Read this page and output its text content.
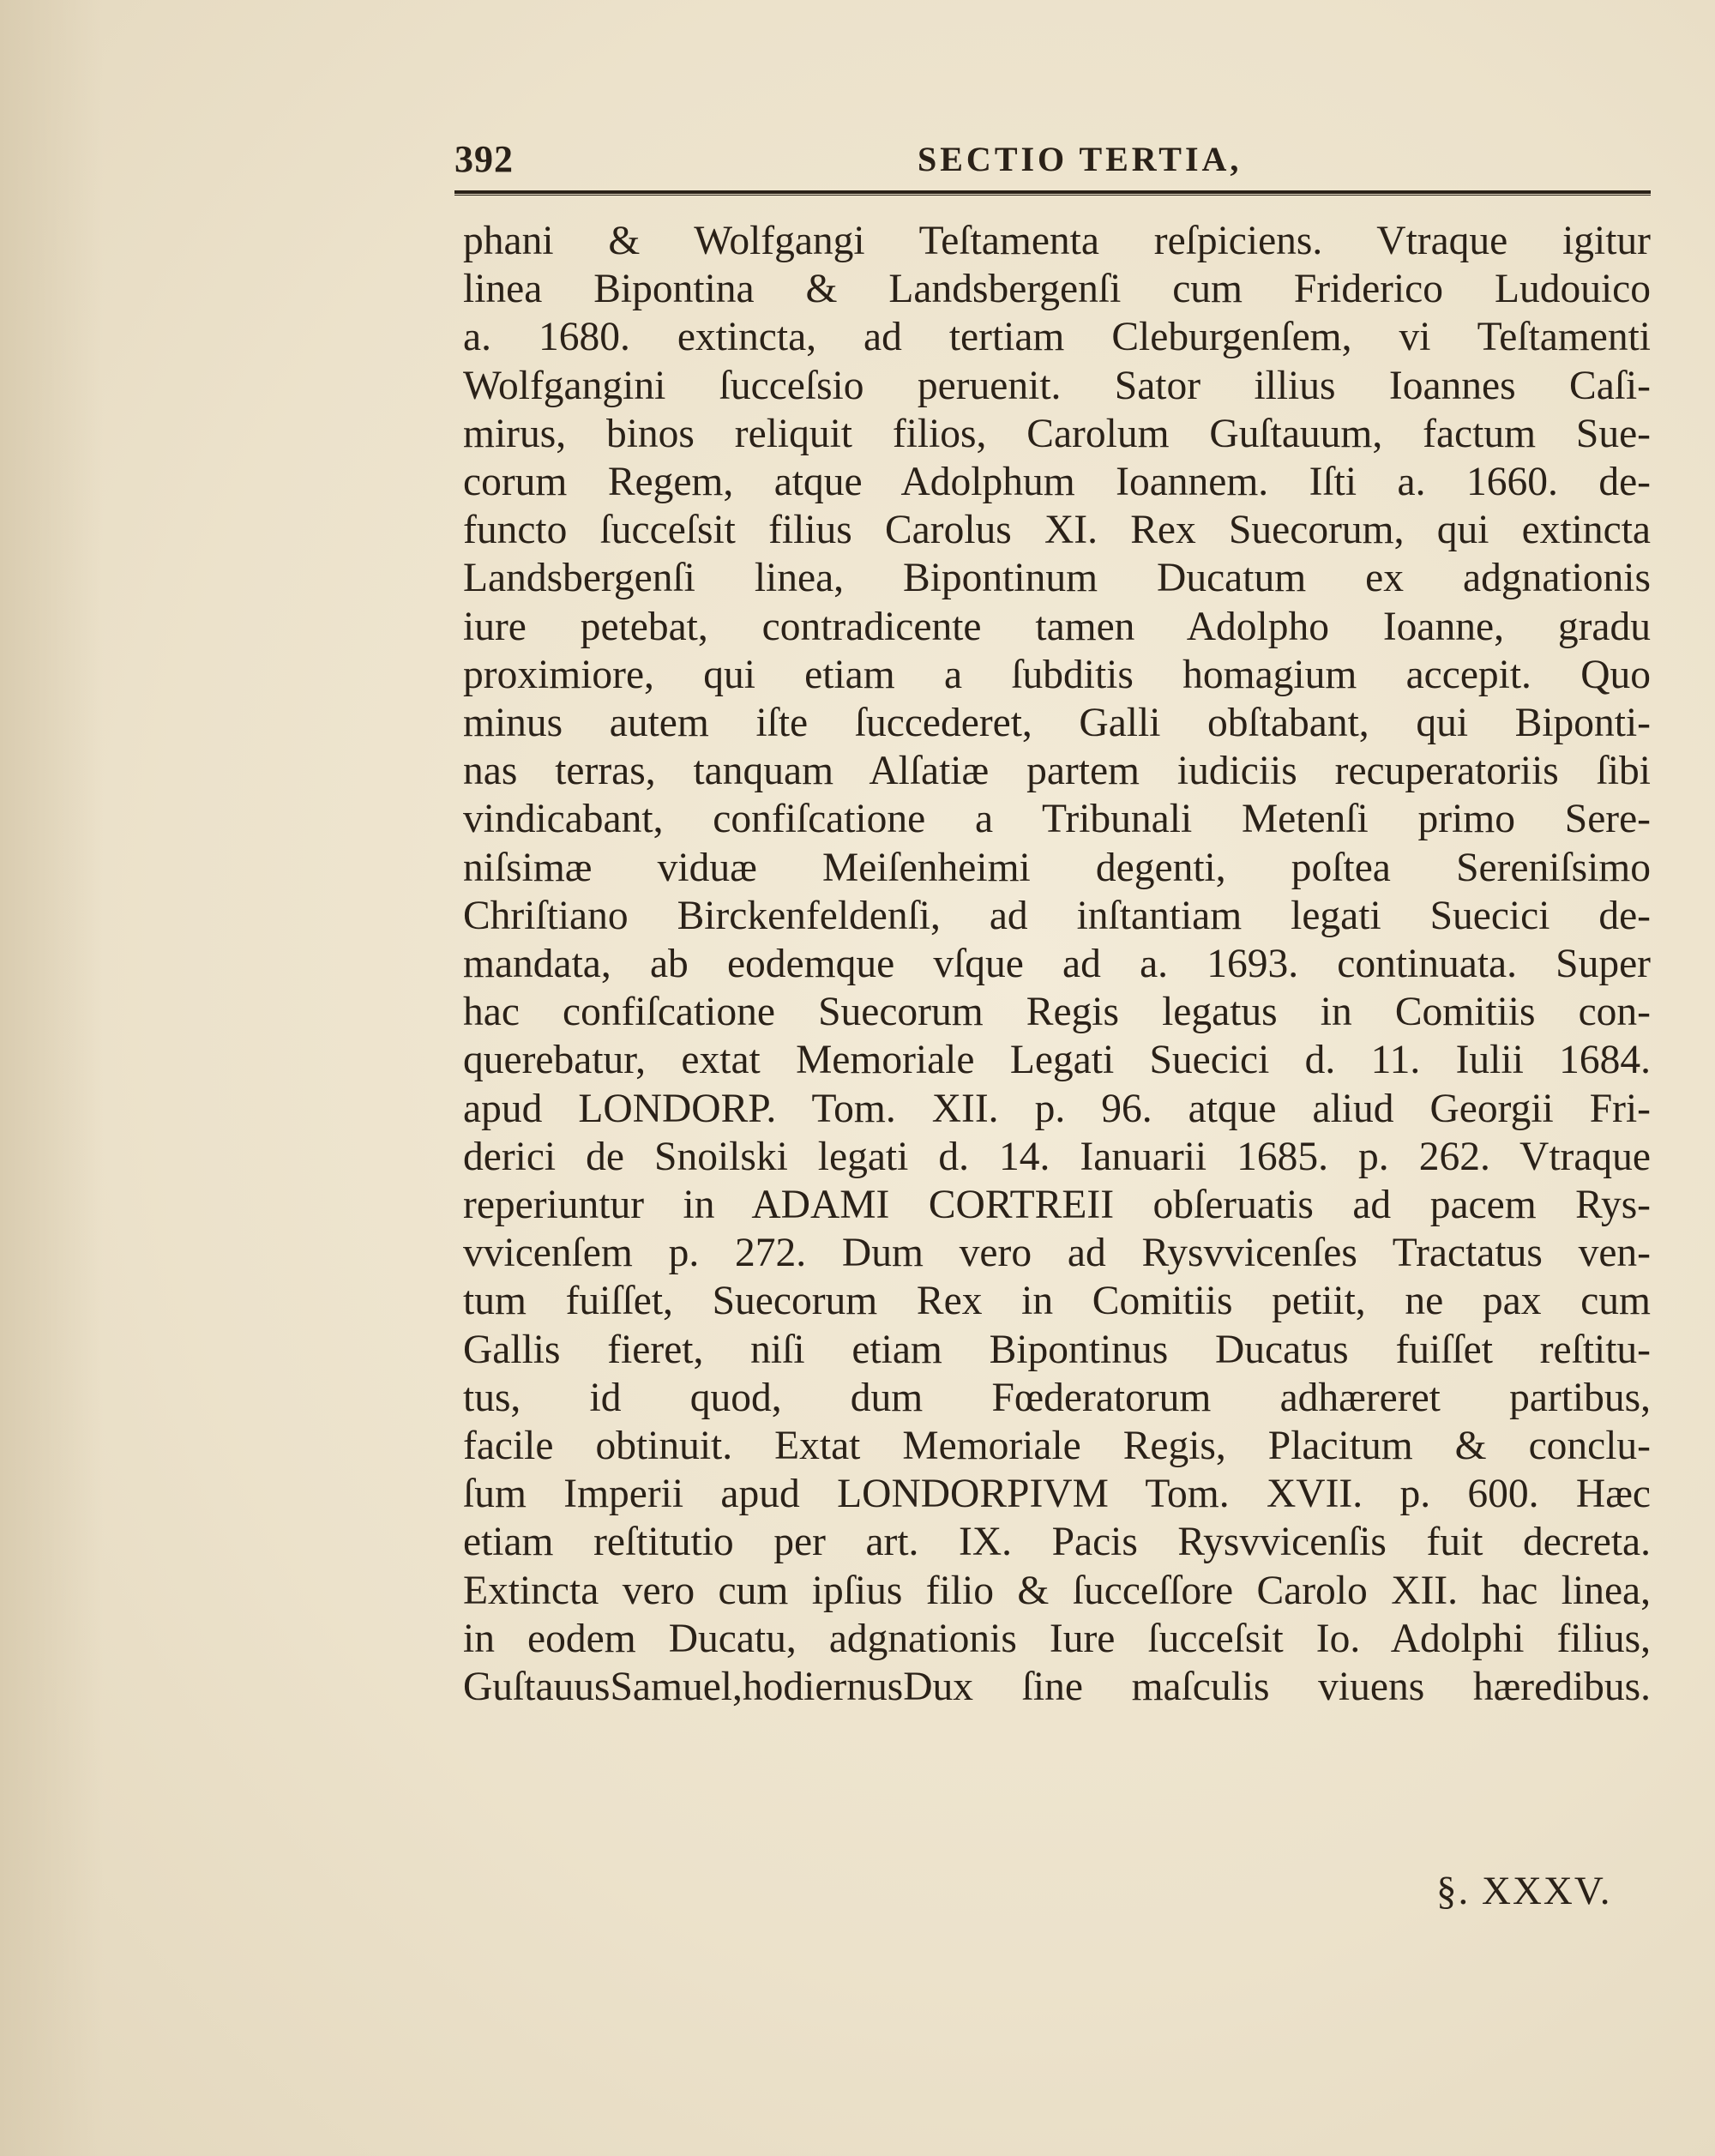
392	SECTIO TERTIA,
phani & Wolfgangi Teſtamenta reſpiciens. Vtraque igitur
linea Bipontina & Landsbergenſi cum Friderico Ludouico
a. 1680. extincta, ad tertiam Cleburgenſem, vi Teſtamenti
Wolfgangini ſucceſsio peruenit. Sator illius Ioannes Caſi-
mirus, binos reliquit filios, Carolum Guſtauum, factum Sue-
corum Regem, atque Adolphum Ioannem. Iſti a. 1660. de-
functo ſucceſsit filius Carolus XI. Rex Suecorum, qui extincta
Landsbergenſi linea, Bipontinum Ducatum ex adgnationis
iure petebat, contradicente tamen Adolpho Ioanne, gradu
proximiore, qui etiam a ſubditis homagium accepit. Quo
minus autem iſte ſuccederet, Galli obſtabant, qui Biponti-
nas terras, tanquam Alſatiæ partem iudiciis recuperatoriis ſibi
vindicabant, confiſcatione a Tribunali Metenſi primo Sere-
niſsimæ viduæ Meiſenheimi degenti, poſtea Sereniſsimo
Chriſtiano Birckenfeldenſi, ad inſtantiam legati Suecici de-
mandata, ab eodemque vſque ad a. 1693. continuata. Super
hac confiſcatione Suecorum Regis legatus in Comitiis con-
querebatur, extat Memoriale Legati Suecici d. 11. Iulii 1684.
apud LONDORP. Tom. XII. p. 96. atque aliud Georgii Fri-
derici de Snoilski legati d. 14. Ianuarii 1685. p. 262. Vtraque
reperiuntur in ADAMI CORTREII obſeruatis ad pacem Rys-
vvicenſem p. 272. Dum vero ad Rysvvicenſes Tractatus ven-
tum fuiſſet, Suecorum Rex in Comitiis petiit, ne pax cum
Gallis fieret, niſi etiam Bipontinus Ducatus fuiſſet reſtitu-
tus, id quod, dum Fœderatorum adhæreret partibus,
facile obtinuit. Extat Memoriale Regis, Placitum & conclu-
ſum Imperii apud LONDORPIVM Tom. XVII. p. 600. Hæc
etiam reſtitutio per art. IX. Pacis Rysvvicenſis fuit decreta.
Extincta vero cum ipſius filio & ſucceſſore Carolo XII. hac linea,
in eodem Ducatu, adgnationis Iure ſucceſsit Io. Adolphi filius,
GuſtauusSamuel,hodiernusDux ſine maſculis viuens hæredibus.
§. XXXV.
